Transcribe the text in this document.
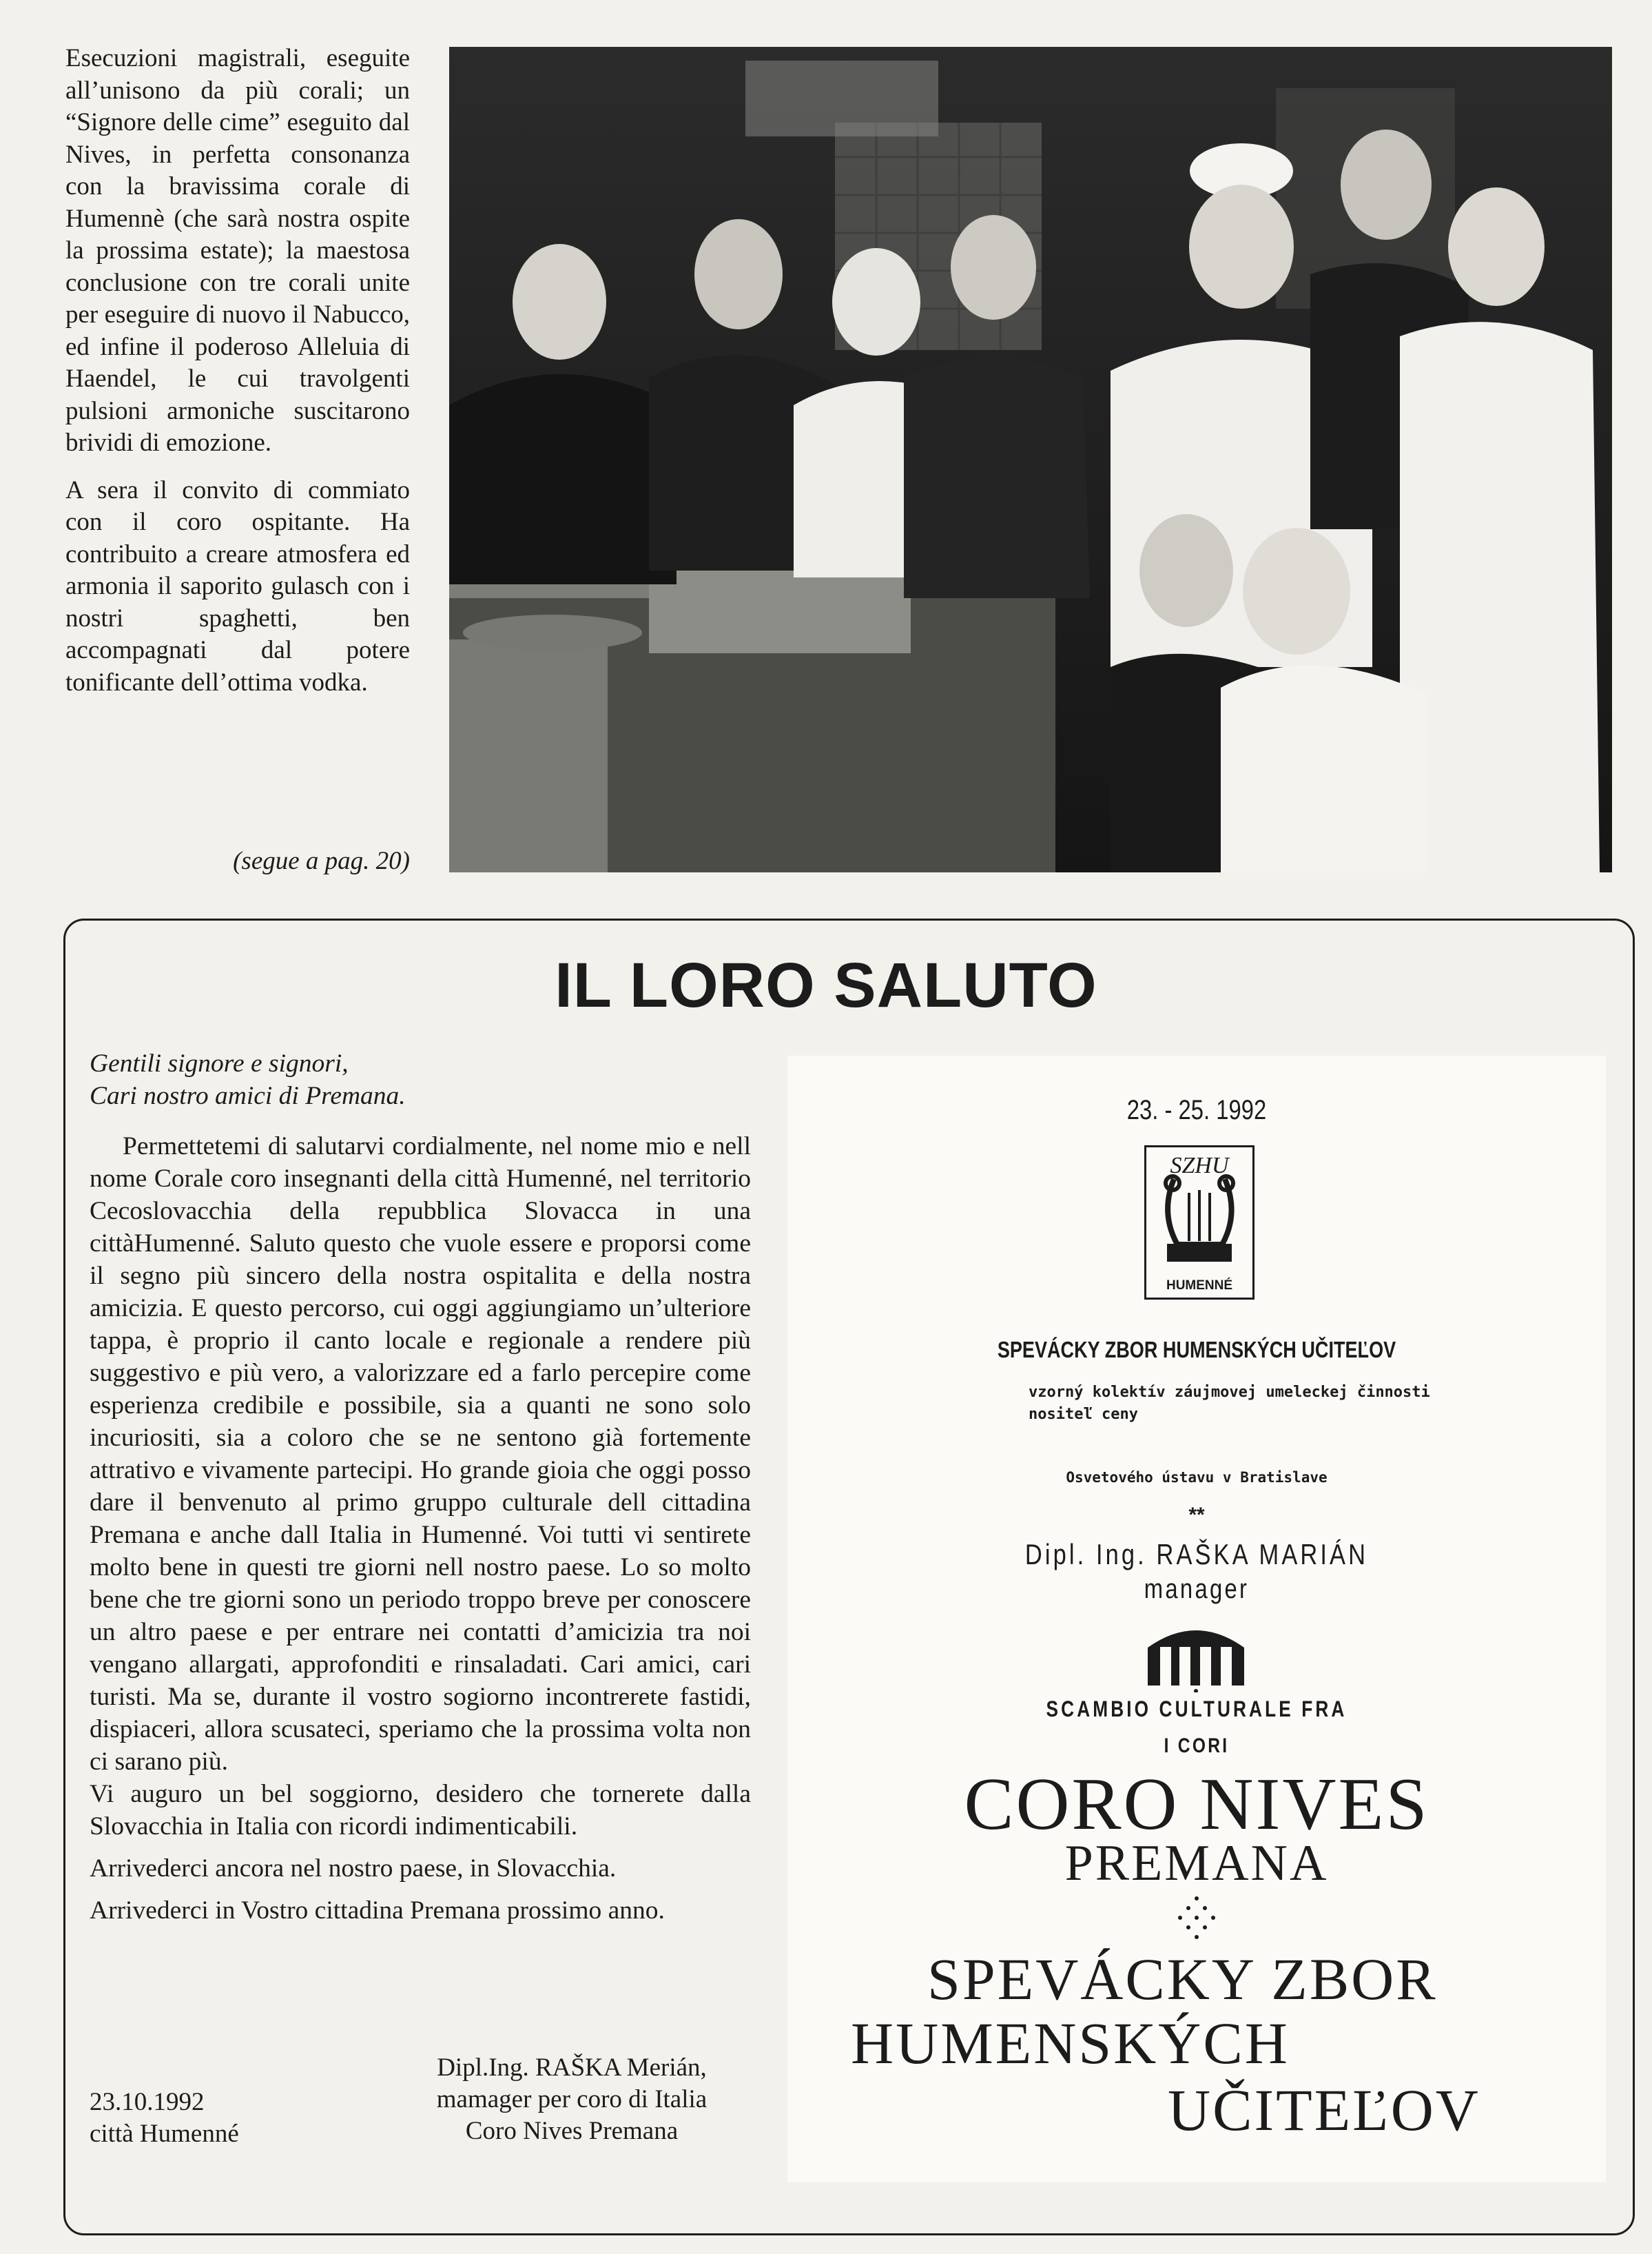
Esecuzioni magistrali, eseguite all’unisono da più corali; un “Signore delle cime” eseguito dal Nives, in perfetta consonanza con la bravissima corale di Humennè (che sarà nostra ospite la prossima estate); la maestosa conclusione con tre corali unite per eseguire di nuovo il Nabucco, ed infine il poderoso Alleluia di Haendel, le cui travolgenti pulsioni armoniche suscitarono brividi di emozione.

A sera il convito di commiato con il coro ospitante. Ha contribuito a creare atmosfera ed armonia il saporito gulasch con i nostri spaghetti, ben accompagnati dal potere tonificante dell’ottima vodka.

(segue a pag. 20)
IL LORO SALUTO

Gentili signore e signori,

Cari nostro amici di Premana.

Permettetemi di salutarvi cordialmente, nel nome mio e nell nome Corale coro insegnanti della città Humenné, nel territorio Cecoslovacchia della repubblica Slovacca in una cittàHumenné. Saluto questo che vuole essere e proporsi come il segno più sincero della nostra ospitalita e della nostra amicizia. E questo percorso, cui oggi aggiungiamo un’ulteriore tappa, è proprio il canto locale e regionale a rendere più suggestivo e più vero, a valorizzare ed a farlo percepire come esperienza credibile e possibile, sia a quanti ne sono solo incuriositi, sia a coloro che se ne sentono già fortemente attrativo e vivamente partecipi. Ho grande gioia che oggi posso dare il benvenuto al primo gruppo culturale dell cittadina Premana e anche dall Italia in Humenné. Voi tutti vi sentirete molto bene in questi tre giorni nell nostro paese. Lo so molto bene che tre giorni sono un periodo troppo breve per conoscere un altro paese e per entrare nei contatti d’amicizia tra noi vengano allargati, approfonditi e rinsaladati. Cari amici, cari turisti. Ma se, durante il vostro sogiorno incontrerete fastidi, dispiaceri, allora scusateci, speriamo che la prossima volta non ci sarano più.

Vi auguro un bel soggiorno, desidero che tornerete dalla Slovacchia in Italia con ricordi indimenticabili.

Arrivederci ancora nel nostro paese, in Slovacchia.

Arrivederci in Vostro cittadina Premana prossimo anno.

23.10.1992
città Humenné
Dipl.Ing. RAŠKA Merián,
mamager per coro di Italia
Coro Nives Premana
23. - 25. 1992
SZHU
HUMENNÉ
SPEVÁCKY ZBOR HUMENSKÝCH UČITEĽOV
vzorný kolektív záujmovej umeleckej činnosti
nositeľ ceny
Osvetového ústavu v Bratislave
**
Dipl. Ing. RAŠKA MARIÁN
manager
SCAMBIO CULTURALE FRA
I CORI
CORO NIVES
PREMANA
SPEVÁCKY ZBOR
HUMENSKÝCH
UČITEĽOV
